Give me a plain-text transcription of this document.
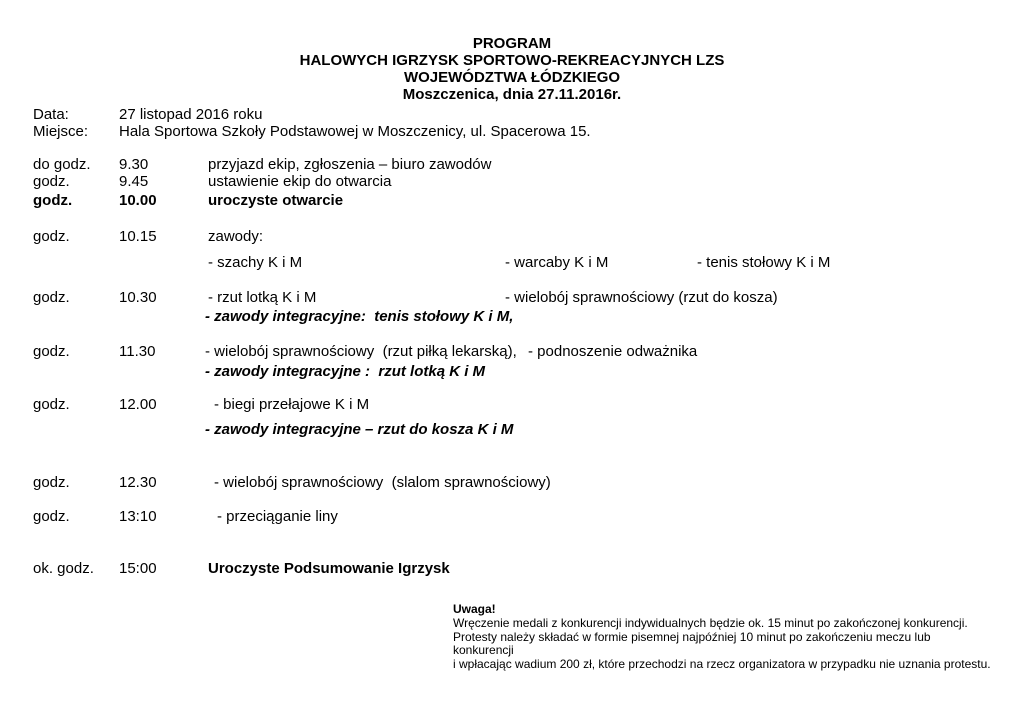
PROGRAM
HALOWYCH IGRZYSK SPORTOWO-REKREACYJNYCH LZS
WOJEWÓDZTWA ŁÓDZKIEGO
Moszczenica, dnia 27.11.2016r.
Data:	27 listopad 2016 roku
Miejsce: Hala Sportowa Szkoły Podstawowej w Moszczenicy, ul. Spacerowa 15.
do godz. 9.30	przyjazd ekip, zgłoszenia – biuro zawodów
godz.	9.45	ustawienie ekip do otwarcia
godz.	10.00	uroczyste otwarcie
godz.	10.15	zawody:
- szachy K i M	- warcaby K i M	- tenis stołowy K i M
godz.	10.30	- rzut lotką K i M	- wielobój sprawnościowy (rzut do kosza)
- zawody integracyjne:  tenis stołowy K i M,
godz.	11.30	- wielobój sprawnościowy  (rzut piłką lekarską), - podnoszenie odważnika
- zawody integracyjne :  rzut lotką K i M
godz.	12.00	- biegi przełajowe K i M
- zawody integracyjne – rzut do kosza K i M
godz.	12.30	- wielobój sprawnościowy  (slalom sprawnościowy)
godz.	13:10	- przeciąganie liny
ok. godz. 15:00	Uroczyste Podsumowanie Igrzysk
Uwaga!
Wręczenie medali z konkurencji indywidualnych będzie ok. 15 minut po zakończonej konkurencji.
Protesty należy składać w formie pisemnej najpóźniej 10 minut po zakończeniu meczu lub konkurencji
i wpłacając wadium 200 zł, które przechodzi na rzecz organizatora w przypadku nie uznania protestu.
